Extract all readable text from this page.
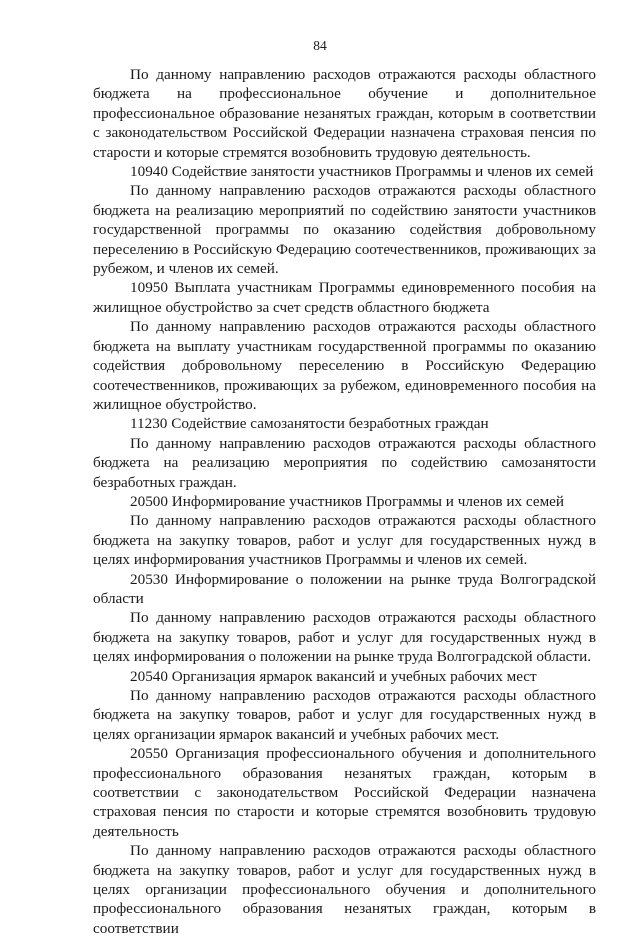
84

По данному направлению расходов отражаются расходы областного бюджета на профессиональное обучение и дополнительное профессиональное образование незанятых граждан, которым в соответствии с законодательством Российской Федерации назначена страховая пенсия по старости и которые стремятся возобновить трудовую деятельность.

10940 Содействие занятости участников Программы и членов их семей

По данному направлению расходов отражаются расходы областного бюджета на реализацию мероприятий по содействию занятости участников государственной программы по оказанию содействия добровольному переселению в Российскую Федерацию соотечественников, проживающих за рубежом, и членов их семей.

10950 Выплата участникам Программы единовременного пособия на жилищное обустройство за счет средств областного бюджета

По данному направлению расходов отражаются расходы областного бюджета на выплату участникам государственной программы по оказанию содействия добровольному переселению в Российскую Федерацию соотечественников, проживающих за рубежом, единовременного пособия на жилищное обустройство.

11230 Содействие самозанятости безработных граждан

По данному направлению расходов отражаются расходы областного бюджета на реализацию мероприятия по содействию самозанятости безработных граждан.

20500 Информирование участников Программы и членов их семей

По данному направлению расходов отражаются расходы областного бюджета на закупку товаров, работ и услуг для государственных нужд в целях информирования участников Программы и членов их семей.

20530 Информирование о положении на рынке труда Волгоградской области

По данному направлению расходов отражаются расходы областного бюджета на закупку товаров, работ и услуг для государственных нужд в целях информирования о положении на рынке труда Волгоградской области.

20540 Организация ярмарок вакансий и учебных рабочих мест

По данному направлению расходов отражаются расходы областного бюджета на закупку товаров, работ и услуг для государственных нужд в целях организации ярмарок вакансий и учебных рабочих мест.

20550 Организация профессионального обучения и дополнительного профессионального образования незанятых граждан, которым в соответствии с законодательством Российской Федерации назначена страховая пенсия по старости и которые стремятся возобновить трудовую деятельность

По данному направлению расходов отражаются расходы областного бюджета на закупку товаров, работ и услуг для государственных нужд в целях организации профессионального обучения и дополнительного профессионального образования незанятых граждан, которым в соответствии
